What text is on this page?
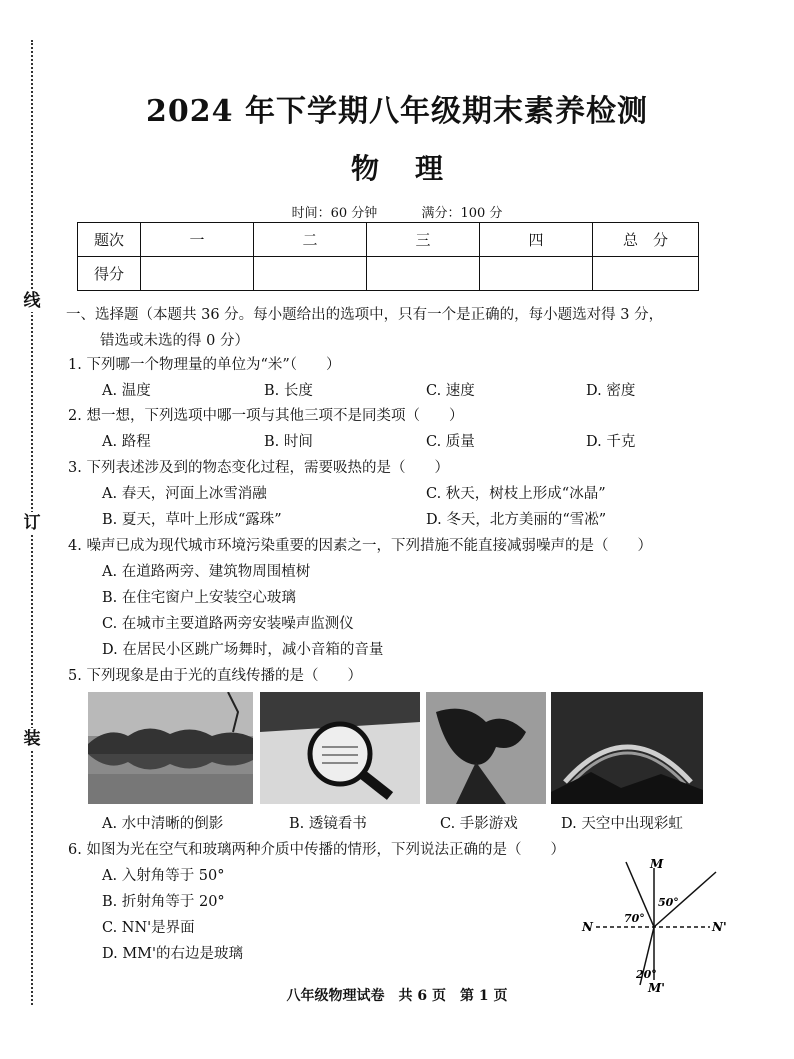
线
订
装
2024 年下学期八年级期末素养检测
物理
时间：60 分钟	满分：100 分
题次	一	二	三	四	总　分
得分					
一、选择题（本题共 36 分。每小题给出的选项中，只有一个是正确的，每小题选对得 3 分，
错选或未选的得 0 分）
1. 下列哪一个物理量的单位为“米”（　　）
A. 温度	B. 长度	C. 速度	D. 密度
2. 想一想，下列选项中哪一项与其他三项不是同类项（　　）
A. 路程	B. 时间	C. 质量	D. 千克
3. 下列表述涉及到的物态变化过程，需要吸热的是（　　）
A. 春天，河面上冰雪消融	C. 秋天，树枝上形成“冰晶”
B. 夏天，草叶上形成“露珠”	D. 冬天，北方美丽的“雪凇”
4. 噪声已成为现代城市环境污染重要的因素之一，下列措施不能直接减弱噪声的是（　　）
A. 在道路两旁、建筑物周围植树
B. 在住宅窗户上安装空心玻璃
C. 在城市主要道路两旁安装噪声监测仪
D. 在居民小区跳广场舞时，减小音箱的音量
5. 下列现象是由于光的直线传播的是（　　）
A. 水中清晰的倒影	B. 透镜看书	C. 手影游戏	D. 天空中出现彩虹
6. 如图为光在空气和玻璃两种介质中传播的情形，下列说法正确的是（　　）
A. 入射角等于 50°
B. 折射角等于 20°
C. NN'是界面
D. MM'的右边是玻璃
M
N	N'
M'
70°
50°
20°
八年级物理试卷　共 6 页　第 1 页
